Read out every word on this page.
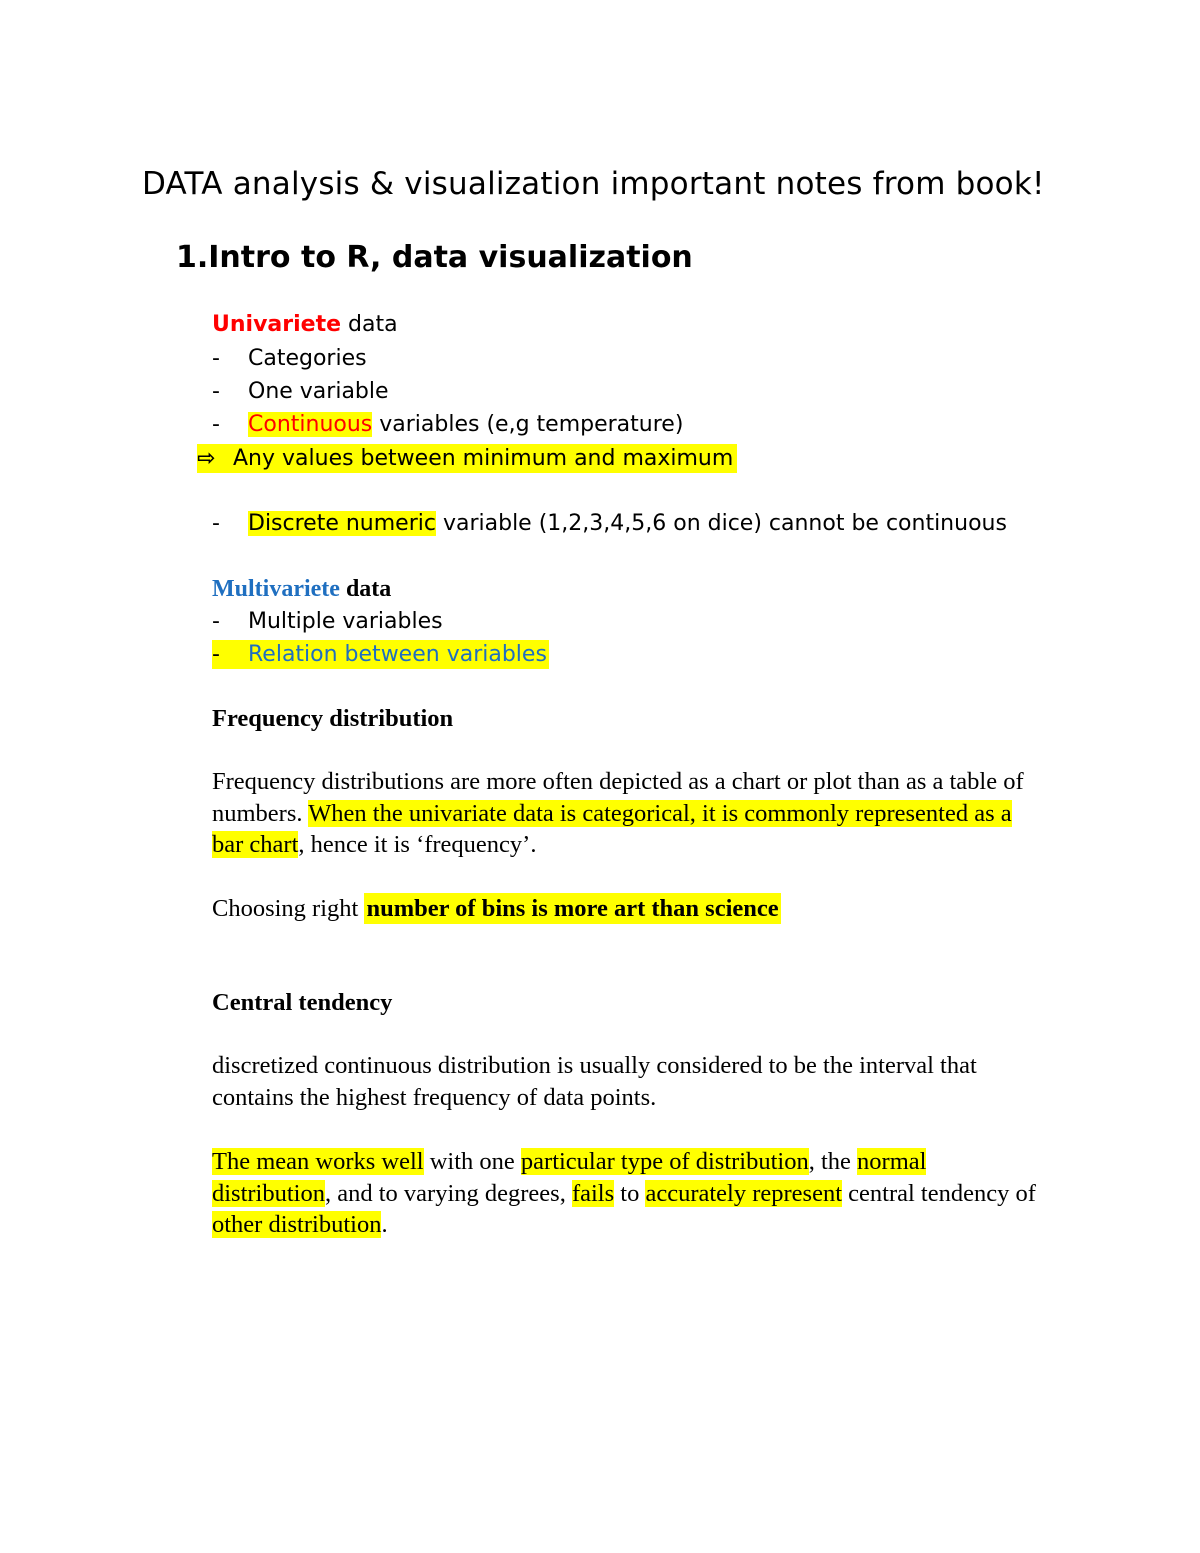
DATA analysis & visualization important notes from book!
1.Intro to R, data visualization
Univariete data
- Categories
- One variable
- Continuous variables (e,g temperature)
⇨ Any values between minimum and maximum
- Discrete numeric variable (1,2,3,4,5,6 on dice) cannot be continuous
Multivariete data
- Multiple variables
- Relation between variables
Frequency distribution
Frequency distributions are more often depicted as a chart or plot than as a table of numbers. When the univariate data is categorical, it is commonly represented as a bar chart, hence it is ‘frequency’.
Choosing right number of bins is more art than science
Central tendency
discretized continuous distribution is usually considered to be the interval that contains the highest frequency of data points.
The mean works well with one particular type of distribution, the normal distribution, and to varying degrees, fails to accurately represent central tendency of other distribution.
